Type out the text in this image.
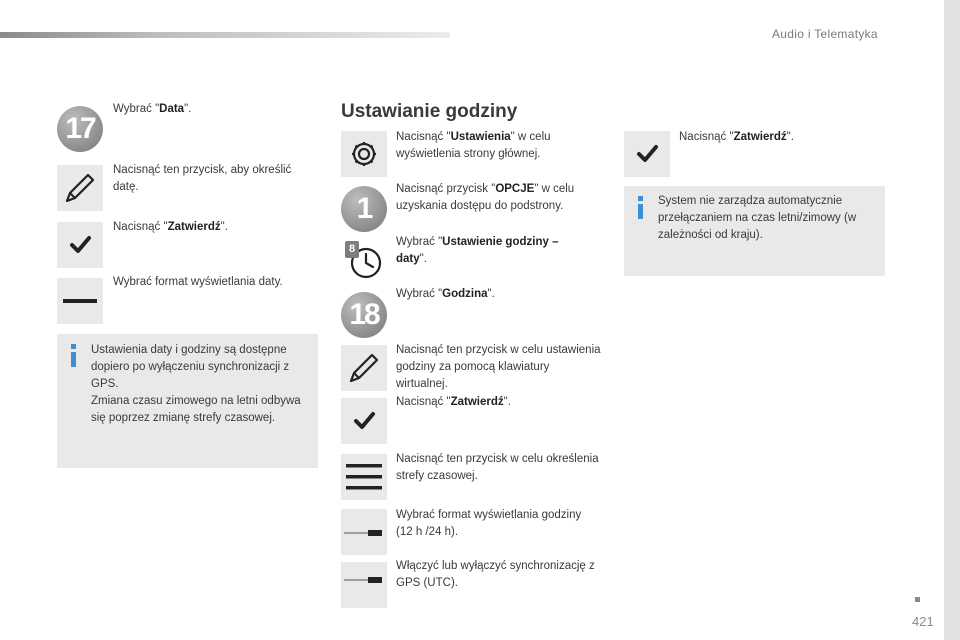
Audio i Telematyka
421
17
Wybrać "Data".
Nacisnąć ten przycisk, aby określić datę.
Nacisnąć "Zatwierdź".
Wybrać format wyświetlania daty.
Ustawienia daty i godziny są dostępne dopiero po wyłączeniu synchronizacji z GPS.
Zmiana czasu zimowego na letni odbywa się poprzez zmianę strefy czasowej.
Ustawianie godziny
Nacisnąć "Ustawienia" w celu wyświetlenia strony głównej.
1
Nacisnąć przycisk "OPCJE" w celu uzyskania dostępu do podstrony.
8
Wybrać "Ustawienie godziny – daty".
18
Wybrać "Godzina".
Nacisnąć ten przycisk w celu ustawienia godziny za pomocą klawiatury wirtualnej.
Nacisnąć "Zatwierdź".
Nacisnąć ten przycisk w celu określenia strefy czasowej.
Wybrać format wyświetlania godziny (12 h /24 h).
Włączyć lub wyłączyć synchronizację z GPS (UTC).
Nacisnąć "Zatwierdź".
System nie zarządza automatycznie przełączaniem na czas letni/zimowy (w zależności od kraju).
